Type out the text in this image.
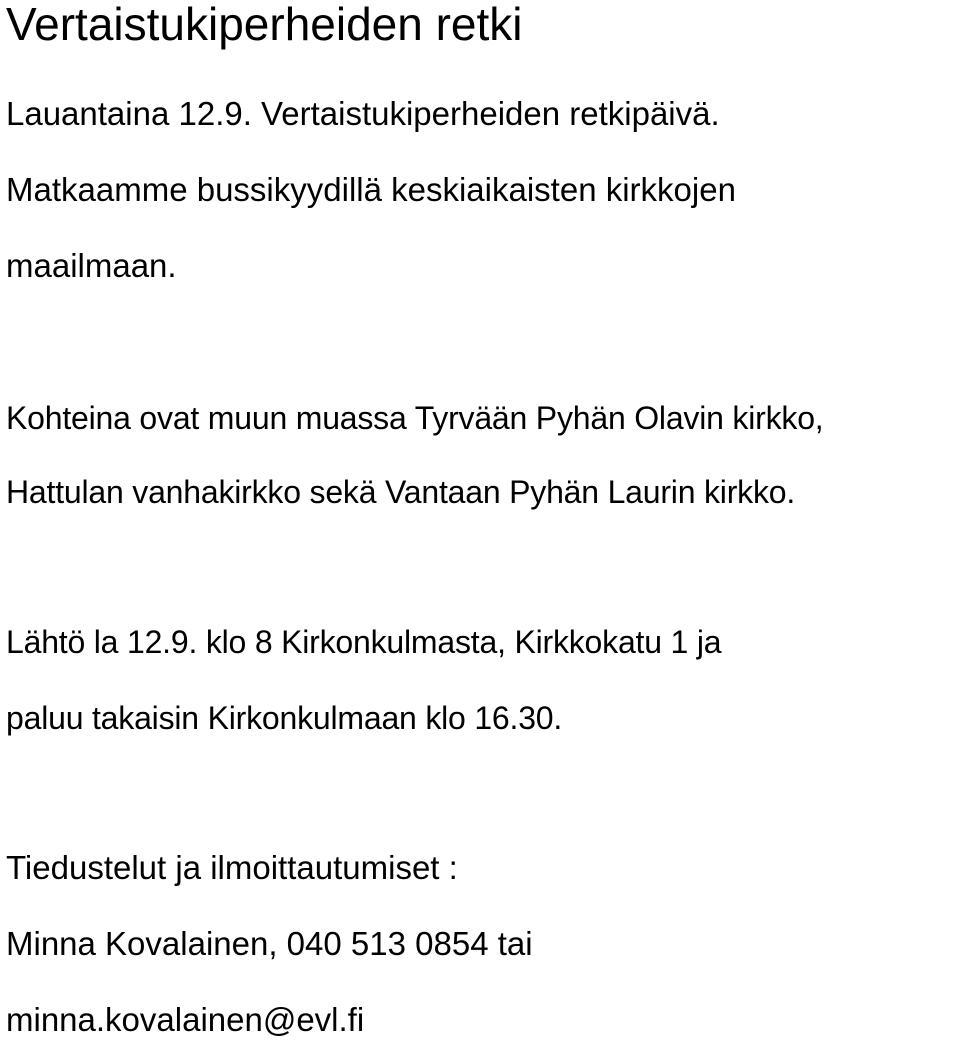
Vertaistukiperheiden retki

Lauantaina 12.9. Vertaistukiperheiden retkipäivä.

Matkaamme bussikyydillä keskiaikaisten kirkkojen

maailmaan.

Kohteina ovat muun muassa Tyrvään Pyhän Olavin kirkko,

Hattulan vanhakirkko sekä Vantaan Pyhän Laurin kirkko.

Lähtö la 12.9. klo 8 Kirkonkulmasta, Kirkkokatu 1 ja

paluu takaisin Kirkonkulmaan klo 16.30.

Tiedustelut ja ilmoittautumiset :

Minna Kovalainen, 040 513 0854 tai

minna.kovalainen@evl.fi
